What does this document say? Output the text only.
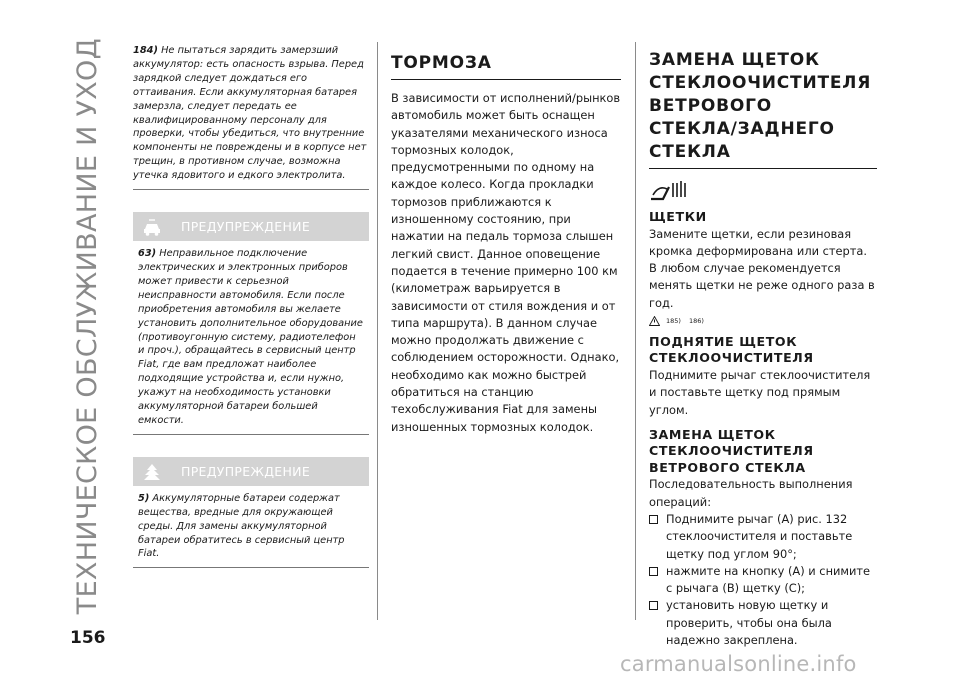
ТЕХНИЧЕСКОЕ ОБСЛУЖИВАНИЕ И УХОД
156

184) Не пытаться зарядить замерзший аккумулятор: есть опасность взрыва. Перед зарядкой следует дождаться его оттаивания. Если аккумуляторная батарея замерзла, следует передать ее квалифицированному персоналу для проверки, чтобы убедиться, что внутренние компоненты не повреждены и в корпусе нет трещин, в противном случае, возможна утечка ядовитого и едкого электролита.

ПРЕДУПРЕЖДЕНИЕ

63) Неправильное подключение электрических и электронных приборов может привести к серьезной неисправности автомобиля. Если после приобретения автомобиля вы желаете установить дополнительное оборудование (противоугонную систему, радиотелефон и проч.), обращайтесь в сервисный центр Fiat, где вам предложат наиболее подходящие устройства и, если нужно, укажут на необходимость установки аккумуляторной батареи большей емкости.

ПРЕДУПРЕЖДЕНИЕ

5) Аккумуляторные батареи содержат вещества, вредные для окружающей среды. Для замены аккумуляторной батареи обратитесь в сервисный центр Fiat.

ТОРМОЗА

В зависимости от исполнений/рынков автомобиль может быть оснащен указателями механического износа тормозных колодок, предусмотренными по одному на каждое колесо. Когда прокладки тормозов приближаются к изношенному состоянию, при нажатии на педаль тормоза слышен легкий свист. Данное оповещение подается в течение примерно 100 км (километраж варьируется в зависимости от стиля вождения и от типа маршрута). В данном случае можно продолжать движение с соблюдением осторожности. Однако, необходимо как можно быстрей обратиться на станцию техобслуживания Fiat для замены изношенных тормозных колодок.

ЗАМЕНА ЩЕТОК
СТЕКЛООЧИСТИТЕЛЯ
ВЕТРОВОГО
СТЕКЛА/ЗАДНЕГО
СТЕКЛА
ЩЕТКИ

Замените щетки, если резиновая кромка деформирована или стерта. В любом случае рекомендуется менять щетки не реже одного раза в год.

185) 186)
ПОДНЯТИЕ ЩЕТОК
СТЕКЛООЧИСТИТЕЛЯ

Поднимите рычаг стеклоочистителя и поставьте щетку под прямым углом.

ЗАМЕНА ЩЕТОК
СТЕКЛООЧИСТИТЕЛЯ
ВЕТРОВОГО СТЕКЛА

Последовательность выполнения операций:

Поднимите рычаг (A) рис. 132 стеклоочистителя и поставьте щетку под углом 90°;

нажмите на кнопку (A) и снимите с рычага (B) щетку (C);

установить новую щетку и проверить, чтобы она была надежно закреплена.

carmanualsonline.info
